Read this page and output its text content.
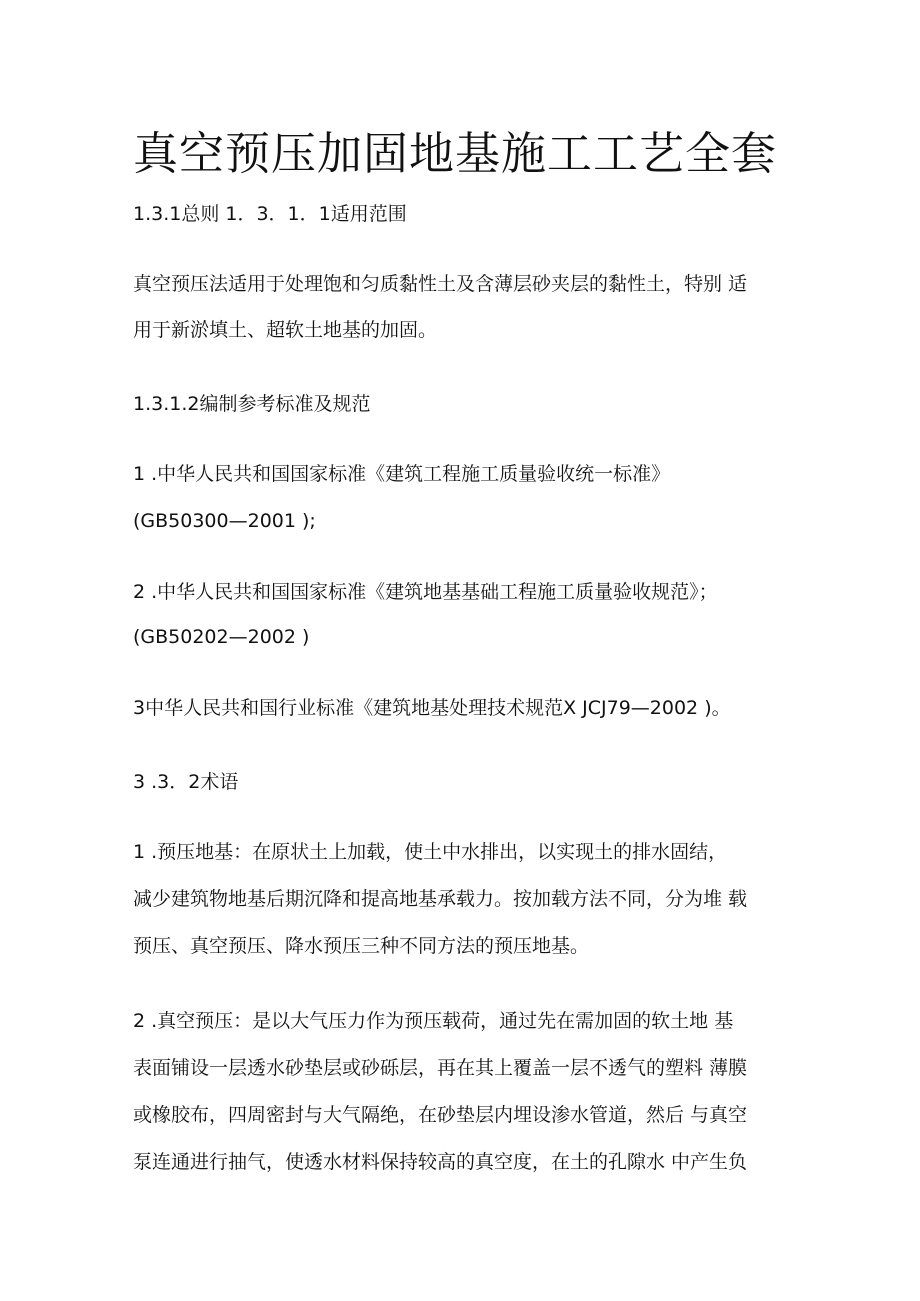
真空预压加固地基施工工艺全套
1.3.1总则 1．3．1．1适用范围
真空预压法适用于处理饱和匀质黏性土及含薄层砂夹层的黏性土，特别 适
用于新淤填土、超软土地基的加固。
1.3.1.2编制参考标准及规范
1 .中华人民共和国国家标准《建筑工程施工质量验收统一标准》
(GB50300—2001 );
2 .中华人民共和国国家标准《建筑地基基础工程施工质量验收规范》；
(GB50202—2002 )
3中华人民共和国行业标准《建筑地基处理技术规范X JCJ79—2002 )。
3 .3．2术语
1 .预压地基：在原状土上加载，使土中水排出，以实现土的排水固结，
减少建筑物地基后期沉降和提高地基承载力。按加载方法不同，分为堆 载
预压、真空预压、降水预压三种不同方法的预压地基。
2 .真空预压：是以大气压力作为预压载荷，通过先在需加固的软土地 基
表面铺设一层透水砂垫层或砂砾层，再在其上覆盖一层不透气的塑料 薄膜
或橡胶布，四周密封与大气隔绝，在砂垫层内埋设渗水管道，然后 与真空
泵连通进行抽气，使透水材料保持较高的真空度，在土的孔隙水 中产生负
